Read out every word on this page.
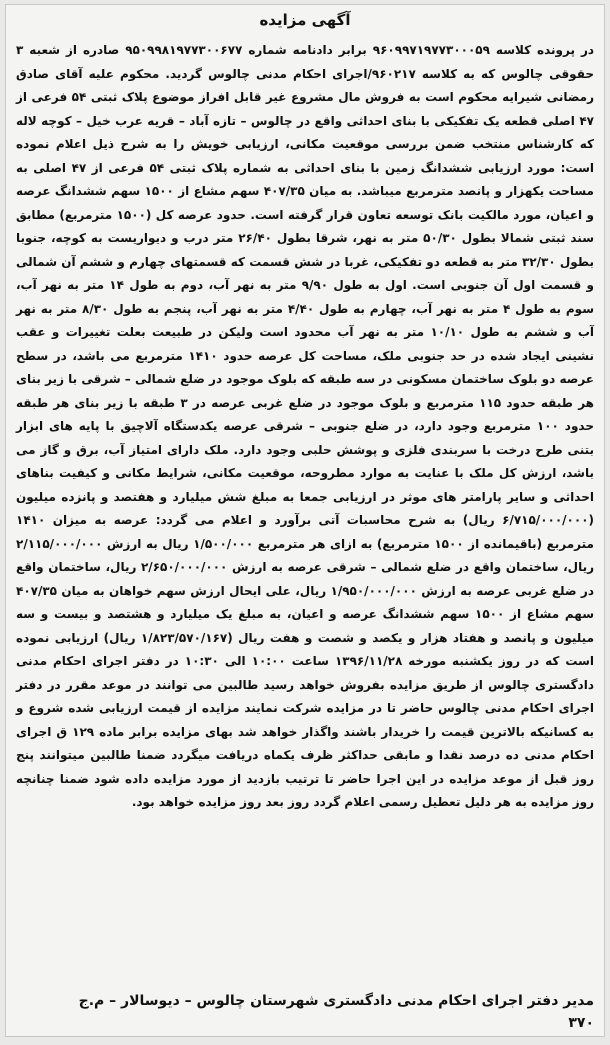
آگهی مزایده

در پرونده کلاسه ۹۶۰۹۹۷۱۹۷۷۳۰۰۰۵۹ برابر دادنامه شماره ۹۵۰۹۹۸۱۹۷۷۳۰۰۶۷۷ صادره از شعبه ۳ حقوقی چالوس که به کلاسه ۹۶۰۲۱۷/اجرای احکام مدنی چالوس گردید. محکوم علیه آقای صادق رمضانی شیرایه محکوم است به فروش مال مشروع غیر قابل افراز موضوع پلاک ثبتی ۵۴ فرعی از ۴۷ اصلی قطعه یک تفکیکی با بنای احداثی واقع در چالوس – تازه آباد – قریه عرب خیل – کوچه لاله که کارشناس منتخب ضمن بررسی موقعیت مکانی، ارزیابی خویش را به شرح ذیل اعلام نموده است: مورد ارزیابی ششدانگ زمین با بنای احداثی به شماره پلاک ثبتی ۵۴ فرعی از ۴۷ اصلی به مساحت یکهزار و پانصد مترمربع میباشد. به میان ۴۰۷/۳۵ سهم مشاع از ۱۵۰۰ سهم ششدانگ عرصه و اعیان، مورد مالکیت بانک توسعه تعاون قرار گرفته است. حدود عرصه کل (۱۵۰۰ مترمربع) مطابق سند ثبتی شمالا بطول ۵۰/۳۰ متر به نهر، شرقا بطول ۲۶/۴۰ متر درب و دیواریست به کوچه، جنوبا بطول ۳۲/۳۰ متر به قطعه دو تفکیکی، غربا در شش قسمت که قسمتهای چهارم و ششم آن شمالی و قسمت اول آن جنوبی است. اول به طول ۹/۹۰ متر به نهر آب، دوم به طول ۱۴ متر به نهر آب، سوم به طول ۴ متر به نهر آب، چهارم به طول ۴/۴۰ متر به نهر آب، پنجم به طول ۸/۳۰ متر به نهر آب و ششم به طول ۱۰/۱۰ متر به نهر آب محدود است ولیکن در طبیعت بعلت تغییرات و عقب نشینی ایجاد شده در حد جنوبی ملک، مساحت کل عرصه حدود ۱۴۱۰ مترمربع می باشد، در سطح عرصه دو بلوک ساختمان مسکونی در سه طبقه که بلوک موجود در ضلع شمالی – شرقی با زیر بنای هر طبقه حدود ۱۱۵ مترمربع و بلوک موجود در ضلع غربی عرصه در ۳ طبقه با زیر بنای هر طبقه حدود ۱۰۰ مترمربع وجود دارد، در ضلع جنوبی – شرقی عرصه یکدستگاه آلاچیق با پایه های ابزار بتنی طرح درخت با سربندی فلزی و پوشش حلبی وجود دارد. ملک دارای امتیاز آب، برق و گاز می باشد، ارزش کل ملک با عنایت به موارد مطروحه، موقعیت مکانی، شرایط مکانی و کیفیت بناهای احداثی و سایر پارامتر های موثر در ارزیابی جمعا به مبلغ شش میلیارد و هفتصد و پانزده میلیون (۶/۷۱۵/۰۰۰/۰۰۰ ریال) به شرح محاسبات آتی برآورد و اعلام می گردد: عرصه به میزان ۱۴۱۰ مترمربع (باقیمانده از ۱۵۰۰ مترمربع) به ازای هر مترمربع ۱/۵۰۰/۰۰۰ ریال به ارزش ۲/۱۱۵/۰۰۰/۰۰۰ ریال، ساختمان واقع در ضلع شمالی – شرقی عرصه به ارزش ۲/۶۵۰/۰۰۰/۰۰۰ ریال، ساختمان واقع در ضلع غربی عرصه به ارزش ۱/۹۵۰/۰۰۰/۰۰۰ ریال، علی ایحال ارزش سهم خواهان به میان ۴۰۷/۳۵ سهم مشاع از ۱۵۰۰ سهم ششدانگ عرصه و اعیان، به مبلغ یک میلیارد و هشتصد و بیست و سه میلیون و پانصد و هفتاد هزار و یکصد و شصت و هفت ریال (۱/۸۲۳/۵۷۰/۱۶۷ ریال) ارزیابی نموده است که در روز یکشنبه مورخه ۱۳۹۶/۱۱/۲۸ ساعت ۱۰:۰۰ الی ۱۰:۳۰ در دفتر اجرای احکام مدنی دادگستری چالوس از طریق مزایده بفروش خواهد رسید طالبین می توانند در موعد مقرر در دفتر اجرای احکام مدنی چالوس حاضر تا در مزایده شرکت نمایند مزایده از قیمت ارزیابی شده شروع و به کسانیکه بالاترین قیمت را خریدار باشند واگذار خواهد شد بهای مزایده برابر ماده ۱۲۹ ق اجرای احکام مدنی ده درصد نقدا و مابقی حداکثر ظرف یکماه دریافت میگردد ضمنا طالبین میتوانند پنج روز قبل از موعد مزایده در این اجرا حاضر تا ترتیب بازدید از مورد مزایده داده شود ضمنا چنانچه روز مزایده به هر دلیل تعطیل رسمی اعلام گردد روز بعد روز مزایده خواهد بود.

مدیر دفتر اجرای احکام مدنی دادگستری شهرستان چالوس – دیوسالار – م.ج
۳۷۰
